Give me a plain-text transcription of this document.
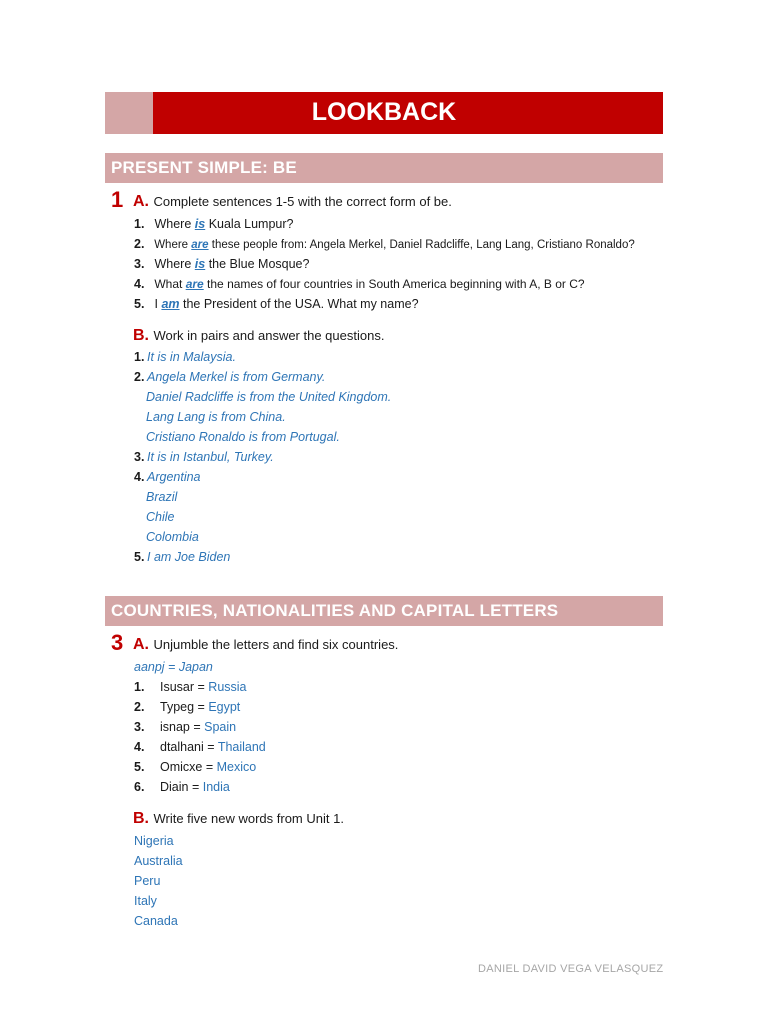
LOOKBACK
PRESENT SIMPLE: BE
1 A. Complete sentences 1-5 with the correct form of be.
1. Where is Kuala Lumpur?
2. Where are these people from: Angela Merkel, Daniel Radcliffe, Lang Lang, Cristiano Ronaldo?
3. Where is the Blue Mosque?
4. What are the names of four countries in South America beginning with A, B or C?
5. I am the President of the USA. What my name?
B. Work in pairs and answer the questions.
1. It is in Malaysia.
2. Angela Merkel is from Germany.
Daniel Radcliffe is from the United Kingdom.
Lang Lang is from China.
Cristiano Ronaldo is from Portugal.
3. It is in Istanbul, Turkey.
4. Argentina
Brazil
Chile
Colombia
5. I am Joe Biden
COUNTRIES, NATIONALITIES AND CAPITAL LETTERS
3 A. Unjumble the letters and find six countries.
aanpj = Japan
1. Isusar = Russia
2. Typeg = Egypt
3. isnap = Spain
4. dtalhani = Thailand
5. Omicxe = Mexico
6. Diain = India
B. Write five new words from Unit 1.
Nigeria
Australia
Peru
Italy
Canada
DANIEL DAVID VEGA VELASQUEZ
